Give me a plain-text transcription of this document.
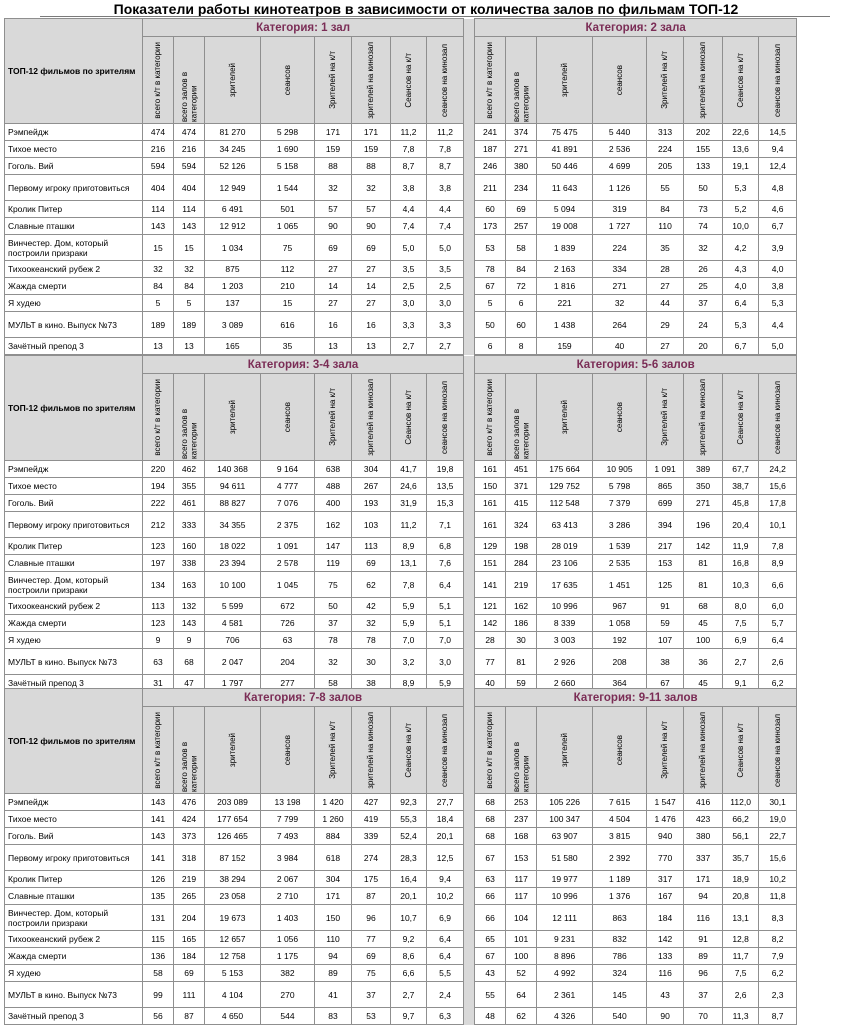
Показатели работы кинотеатров в зависимости от количества залов по фильмам ТОП-12
ТОП-12 фильмов по зрителям	Категория: 1 зал									Категория: 2 зала							

	всего к/т в категории	всего залов в категории	зрителей	сеансов	Зрителей на к/т	зрителей на кинозал	Сеансов на к/т	сеансов на кинозал		всего к/т в категории	всего залов в категории	зрителей	сеансов	Зрителей на к/т	зрителей на кинозал	Сеансов на к/т	сеансов на кинозал

Рэмпейдж	474	474	81 270	5 298	171	171	11,2	11,2		241	374	75 475	5 440	313	202	22,6	14,5
Тихое место	216	216	34 245	1 690	159	159	7,8	7,8		187	271	41 891	2 536	224	155	13,6	9,4
Гоголь. Вий	594	594	52 126	5 158	88	88	8,7	8,7		246	380	50 446	4 699	205	133	19,1	12,4
Первому игроку приготовиться	404	404	12 949	1 544	32	32	3,8	3,8		211	234	11 643	1 126	55	50	5,3	4,8
Кролик Питер	114	114	6 491	501	57	57	4,4	4,4		60	69	5 094	319	84	73	5,2	4,6
Славные пташки	143	143	12 912	1 065	90	90	7,4	7,4		173	257	19 008	1 727	110	74	10,0	6,7
Винчестер. Дом, который построили призраки	15	15	1 034	75	69	69	5,0	5,0		53	58	1 839	224	35	32	4,2	3,9
Тихоокеанский рубеж 2	32	32	875	112	27	27	3,5	3,5		78	84	2 163	334	28	26	4,3	4,0
Жажда смерти	84	84	1 203	210	14	14	2,5	2,5		67	72	1 816	271	27	25	4,0	3,8
Я худею	5	5	137	15	27	27	3,0	3,0		5	6	221	32	44	37	6,4	5,3
МУЛЬТ в кино. Выпуск №73	189	189	3 089	616	16	16	3,3	3,3		50	60	1 438	264	29	24	5,3	4,4
Зачётный препод 3	13	13	165	35	13	13	2,7	2,7		6	8	159	40	27	20	6,7	5,0
ТОП-12 фильмов по зрителям	Категория: 3-4 зала									Категория: 5-6 залов							

	всего к/т в категории	всего залов в категории	зрителей	сеансов	Зрителей на к/т	зрителей на кинозал	Сеансов на к/т	сеансов на кинозал		всего к/т в категории	всего залов в категории	зрителей	сеансов	Зрителей на к/т	зрителей на кинозал	Сеансов на к/т	сеансов на кинозал

Рэмпейдж	220	462	140 368	9 164	638	304	41,7	19,8		161	451	175 664	10 905	1 091	389	67,7	24,2
Тихое место	194	355	94 611	4 777	488	267	24,6	13,5		150	371	129 752	5 798	865	350	38,7	15,6
Гоголь. Вий	222	461	88 827	7 076	400	193	31,9	15,3		161	415	112 548	7 379	699	271	45,8	17,8
Первому игроку приготовиться	212	333	34 355	2 375	162	103	11,2	7,1		161	324	63 413	3 286	394	196	20,4	10,1
Кролик Питер	123	160	18 022	1 091	147	113	8,9	6,8		129	198	28 019	1 539	217	142	11,9	7,8
Славные пташки	197	338	23 394	2 578	119	69	13,1	7,6		151	284	23 106	2 535	153	81	16,8	8,9
Винчестер. Дом, который построили призраки	134	163	10 100	1 045	75	62	7,8	6,4		141	219	17 635	1 451	125	81	10,3	6,6
Тихоокеанский рубеж 2	113	132	5 599	672	50	42	5,9	5,1		121	162	10 996	967	91	68	8,0	6,0
Жажда смерти	123	143	4 581	726	37	32	5,9	5,1		142	186	8 339	1 058	59	45	7,5	5,7
Я худею	9	9	706	63	78	78	7,0	7,0		28	30	3 003	192	107	100	6,9	6,4
МУЛЬТ в кино. Выпуск №73	63	68	2 047	204	32	30	3,2	3,0		77	81	2 926	208	38	36	2,7	2,6
Зачётный препод 3	31	47	1 797	277	58	38	8,9	5,9		40	59	2 660	364	67	45	9,1	6,2
ТОП-12 фильмов по зрителям	Категория: 7-8 залов									Категория: 9-11 залов							

	всего к/т в категории	всего залов в категории	зрителей	сеансов	Зрителей на к/т	зрителей на кинозал	Сеансов на к/т	сеансов на кинозал		всего к/т в категории	всего залов в категории	зрителей	сеансов	Зрителей на к/т	зрителей на кинозал	Сеансов на к/т	сеансов на кинозал

Рэмпейдж	143	476	203 089	13 198	1 420	427	92,3	27,7		68	253	105 226	7 615	1 547	416	112,0	30,1
Тихое место	141	424	177 654	7 799	1 260	419	55,3	18,4		68	237	100 347	4 504	1 476	423	66,2	19,0
Гоголь. Вий	143	373	126 465	7 493	884	339	52,4	20,1		68	168	63 907	3 815	940	380	56,1	22,7
Первому игроку приготовиться	141	318	87 152	3 984	618	274	28,3	12,5		67	153	51 580	2 392	770	337	35,7	15,6
Кролик Питер	126	219	38 294	2 067	304	175	16,4	9,4		63	117	19 977	1 189	317	171	18,9	10,2
Славные пташки	135	265	23 058	2 710	171	87	20,1	10,2		66	117	10 996	1 376	167	94	20,8	11,8
Винчестер. Дом, который построили призраки	131	204	19 673	1 403	150	96	10,7	6,9		66	104	12 111	863	184	116	13,1	8,3
Тихоокеанский рубеж 2	115	165	12 657	1 056	110	77	9,2	6,4		65	101	9 231	832	142	91	12,8	8,2
Жажда смерти	136	184	12 758	1 175	94	69	8,6	6,4		67	100	8 896	786	133	89	11,7	7,9
Я худею	58	69	5 153	382	89	75	6,6	5,5		43	52	4 992	324	116	96	7,5	6,2
МУЛЬТ в кино. Выпуск №73	99	111	4 104	270	41	37	2,7	2,4		55	64	2 361	145	43	37	2,6	2,3
Зачётный препод 3	56	87	4 650	544	83	53	9,7	6,3		48	62	4 326	540	90	70	11,3	8,7
